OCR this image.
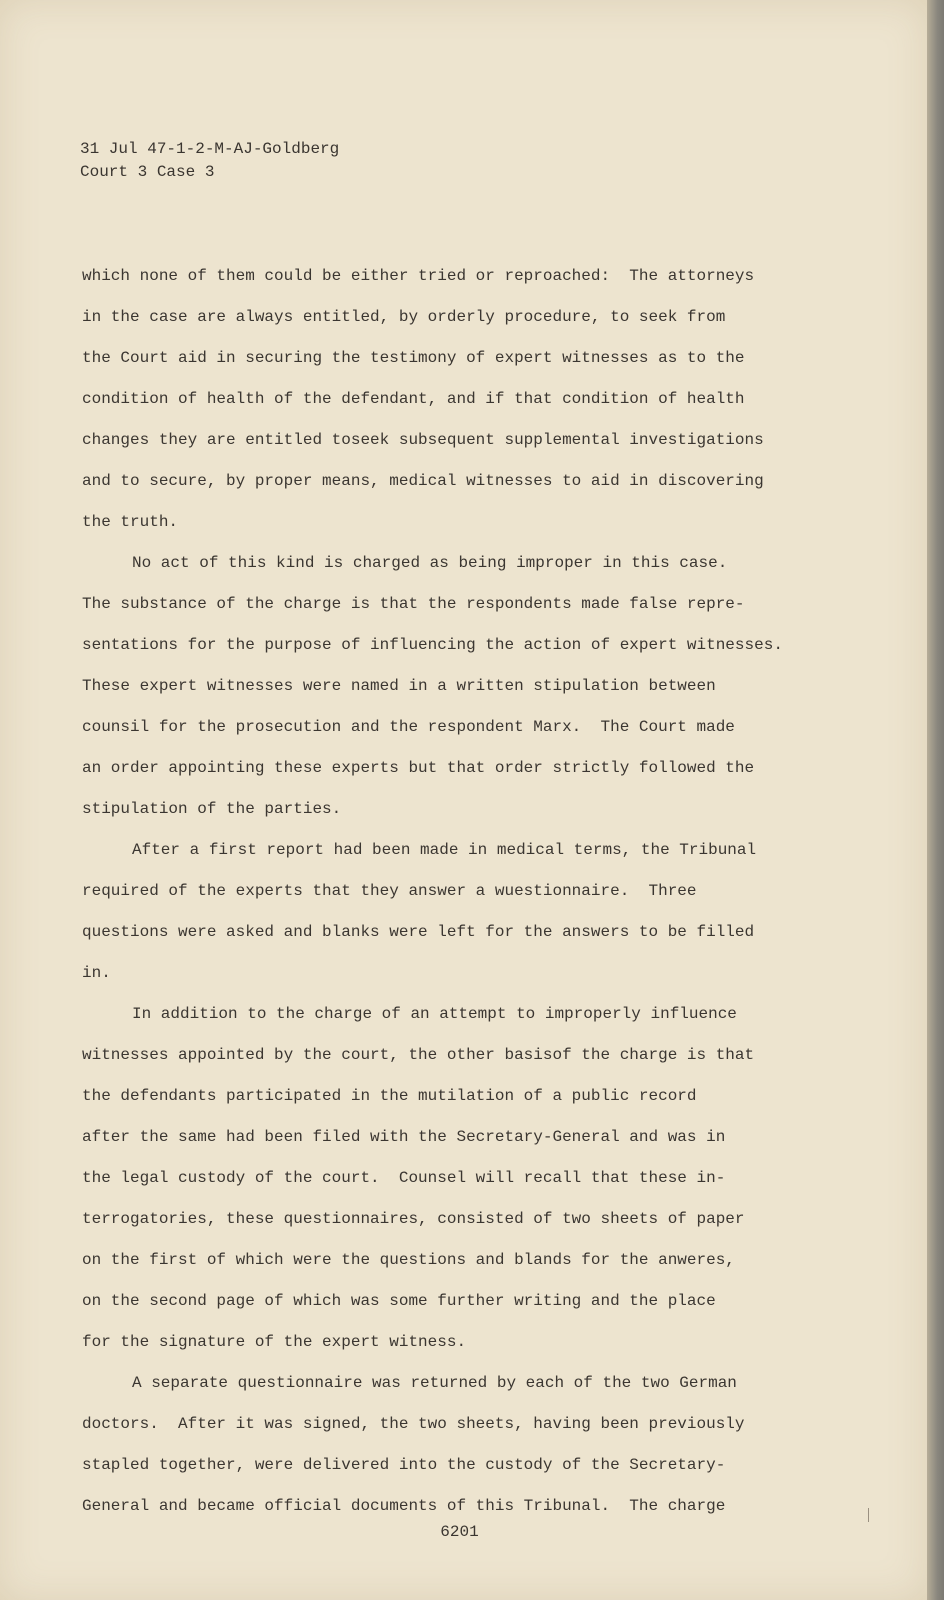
31 Jul 47-1-2-M-AJ-Goldberg
Court 3 Case 3
which none of them could be either tried or reproached:  The attorneys
in the case are always entitled, by orderly procedure, to seek from
the Court aid in securing the testimony of expert witnesses as to the
condition of health of the defendant, and if that condition of health
changes they are entitled toseek subsequent supplemental investigations
and to secure, by proper means, medical witnesses to aid in discovering
the truth.
No act of this kind is charged as being improper in this case.
The substance of the charge is that the respondents made false repre-
sentations for the purpose of influencing the action of expert witnesses.
These expert witnesses were named in a written stipulation between
counsil for the prosecution and the respondent Marx.  The Court made
an order appointing these experts but that order strictly followed the
stipulation of the parties.
After a first report had been made in medical terms, the Tribunal
required of the experts that they answer a wuestionnaire.  Three
questions were asked and blanks were left for the answers to be filled
in.
In addition to the charge of an attempt to improperly influence
witnesses appointed by the court, the other basisof the charge is that
the defendants participated in the mutilation of a public record
after the same had been filed with the Secretary-General and was in
the legal custody of the court.  Counsel will recall that these in-
terrogatories, these questionnaires, consisted of two sheets of paper
on the first of which were the questions and blands for the anweres,
on the second page of which was some further writing and the place
for the signature of the expert witness.
A separate questionnaire was returned by each of the two German
doctors.  After it was signed, the two sheets, having been previously
stapled together, were delivered into the custody of the Secretary-
General and became official documents of this Tribunal.  The charge
6201
